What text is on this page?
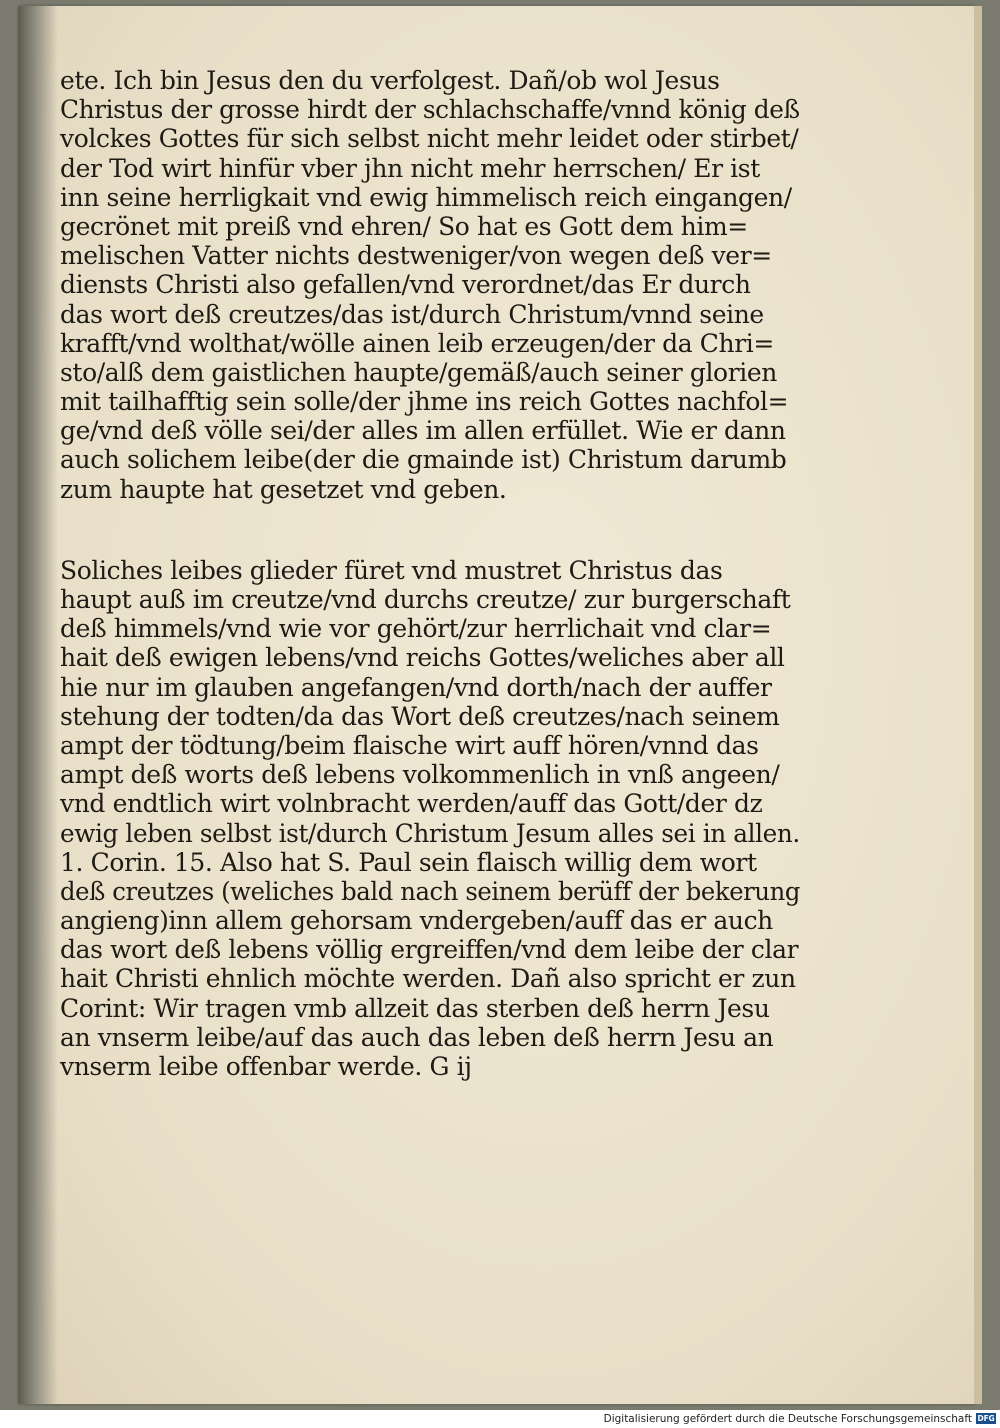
ete. Ich bin Jesus den du verfolgest. Dañ/ob wol Jesus
Christus der grosse hirdt der schlachschaffe/vnnd könig deß
volckes Gottes für sich selbst nicht mehr leidet oder stirbet/
der Tod wirt hinfür vber jhn nicht mehr herrschen/ Er ist
inn seine herrligkait vnd ewig himmelisch reich eingangen/
gecrönet mit preiß vnd ehren/ So hat es Gott dem him=
melischen Vatter nichts destweniger/von wegen deß ver=
diensts Christi also gefallen/vnd verordnet/das Er durch
das wort deß creutzes/das ist/durch Christum/vnnd seine
krafft/vnd wolthat/wölle ainen leib erzeugen/der da Chri=
sto/alß dem gaistlichen haupte/gemäß/auch seiner glorien
mit tailhafftig sein solle/der jhme ins reich Gottes nachfol=
ge/vnd deß völle sei/der alles im allen erfüllet. Wie er dann
auch solichem leibe(der die gmainde ist) Christum darumb
zum haupte hat gesetzet vnd geben.
Soliches leibes glieder füret vnd mustret Christus das
haupt auß im creutze/vnd durchs creutze/ zur burgerschaft
deß himmels/vnd wie vor gehört/zur herrlichait vnd clar=
hait deß ewigen lebens/vnd reichs Gottes/weliches aber all
hie nur im glauben angefangen/vnd dorth/nach der auffer
stehung der todten/da das Wort deß creutzes/nach seinem
ampt der tödtung/beim flaische wirt auff hören/vnnd das
ampt deß worts deß lebens volkommenlich in vnß angeen/
vnd endtlich wirt volnbracht werden/auff das Gott/der dz
ewig leben selbst ist/durch Christum Jesum alles sei in allen.
1. Corin. 15. Also hat S. Paul sein flaisch willig dem wort
deß creutzes (weliches bald nach seinem berüff der bekerung
angieng)inn allem gehorsam vndergeben/auff das er auch
das wort deß lebens völlig ergreiffen/vnd dem leibe der clar
hait Christi ehnlich möchte werden. Dañ also spricht er zun
Corint: Wir tragen vmb allzeit das sterben deß herrn Jesu
an vnserm leibe/auf das auch das leben deß herrn Jesu an
vnserm leibe offenbar werde. G ij
Digitalisierung gefördert durch die Deutsche Forschungsgemeinschaft DFG
